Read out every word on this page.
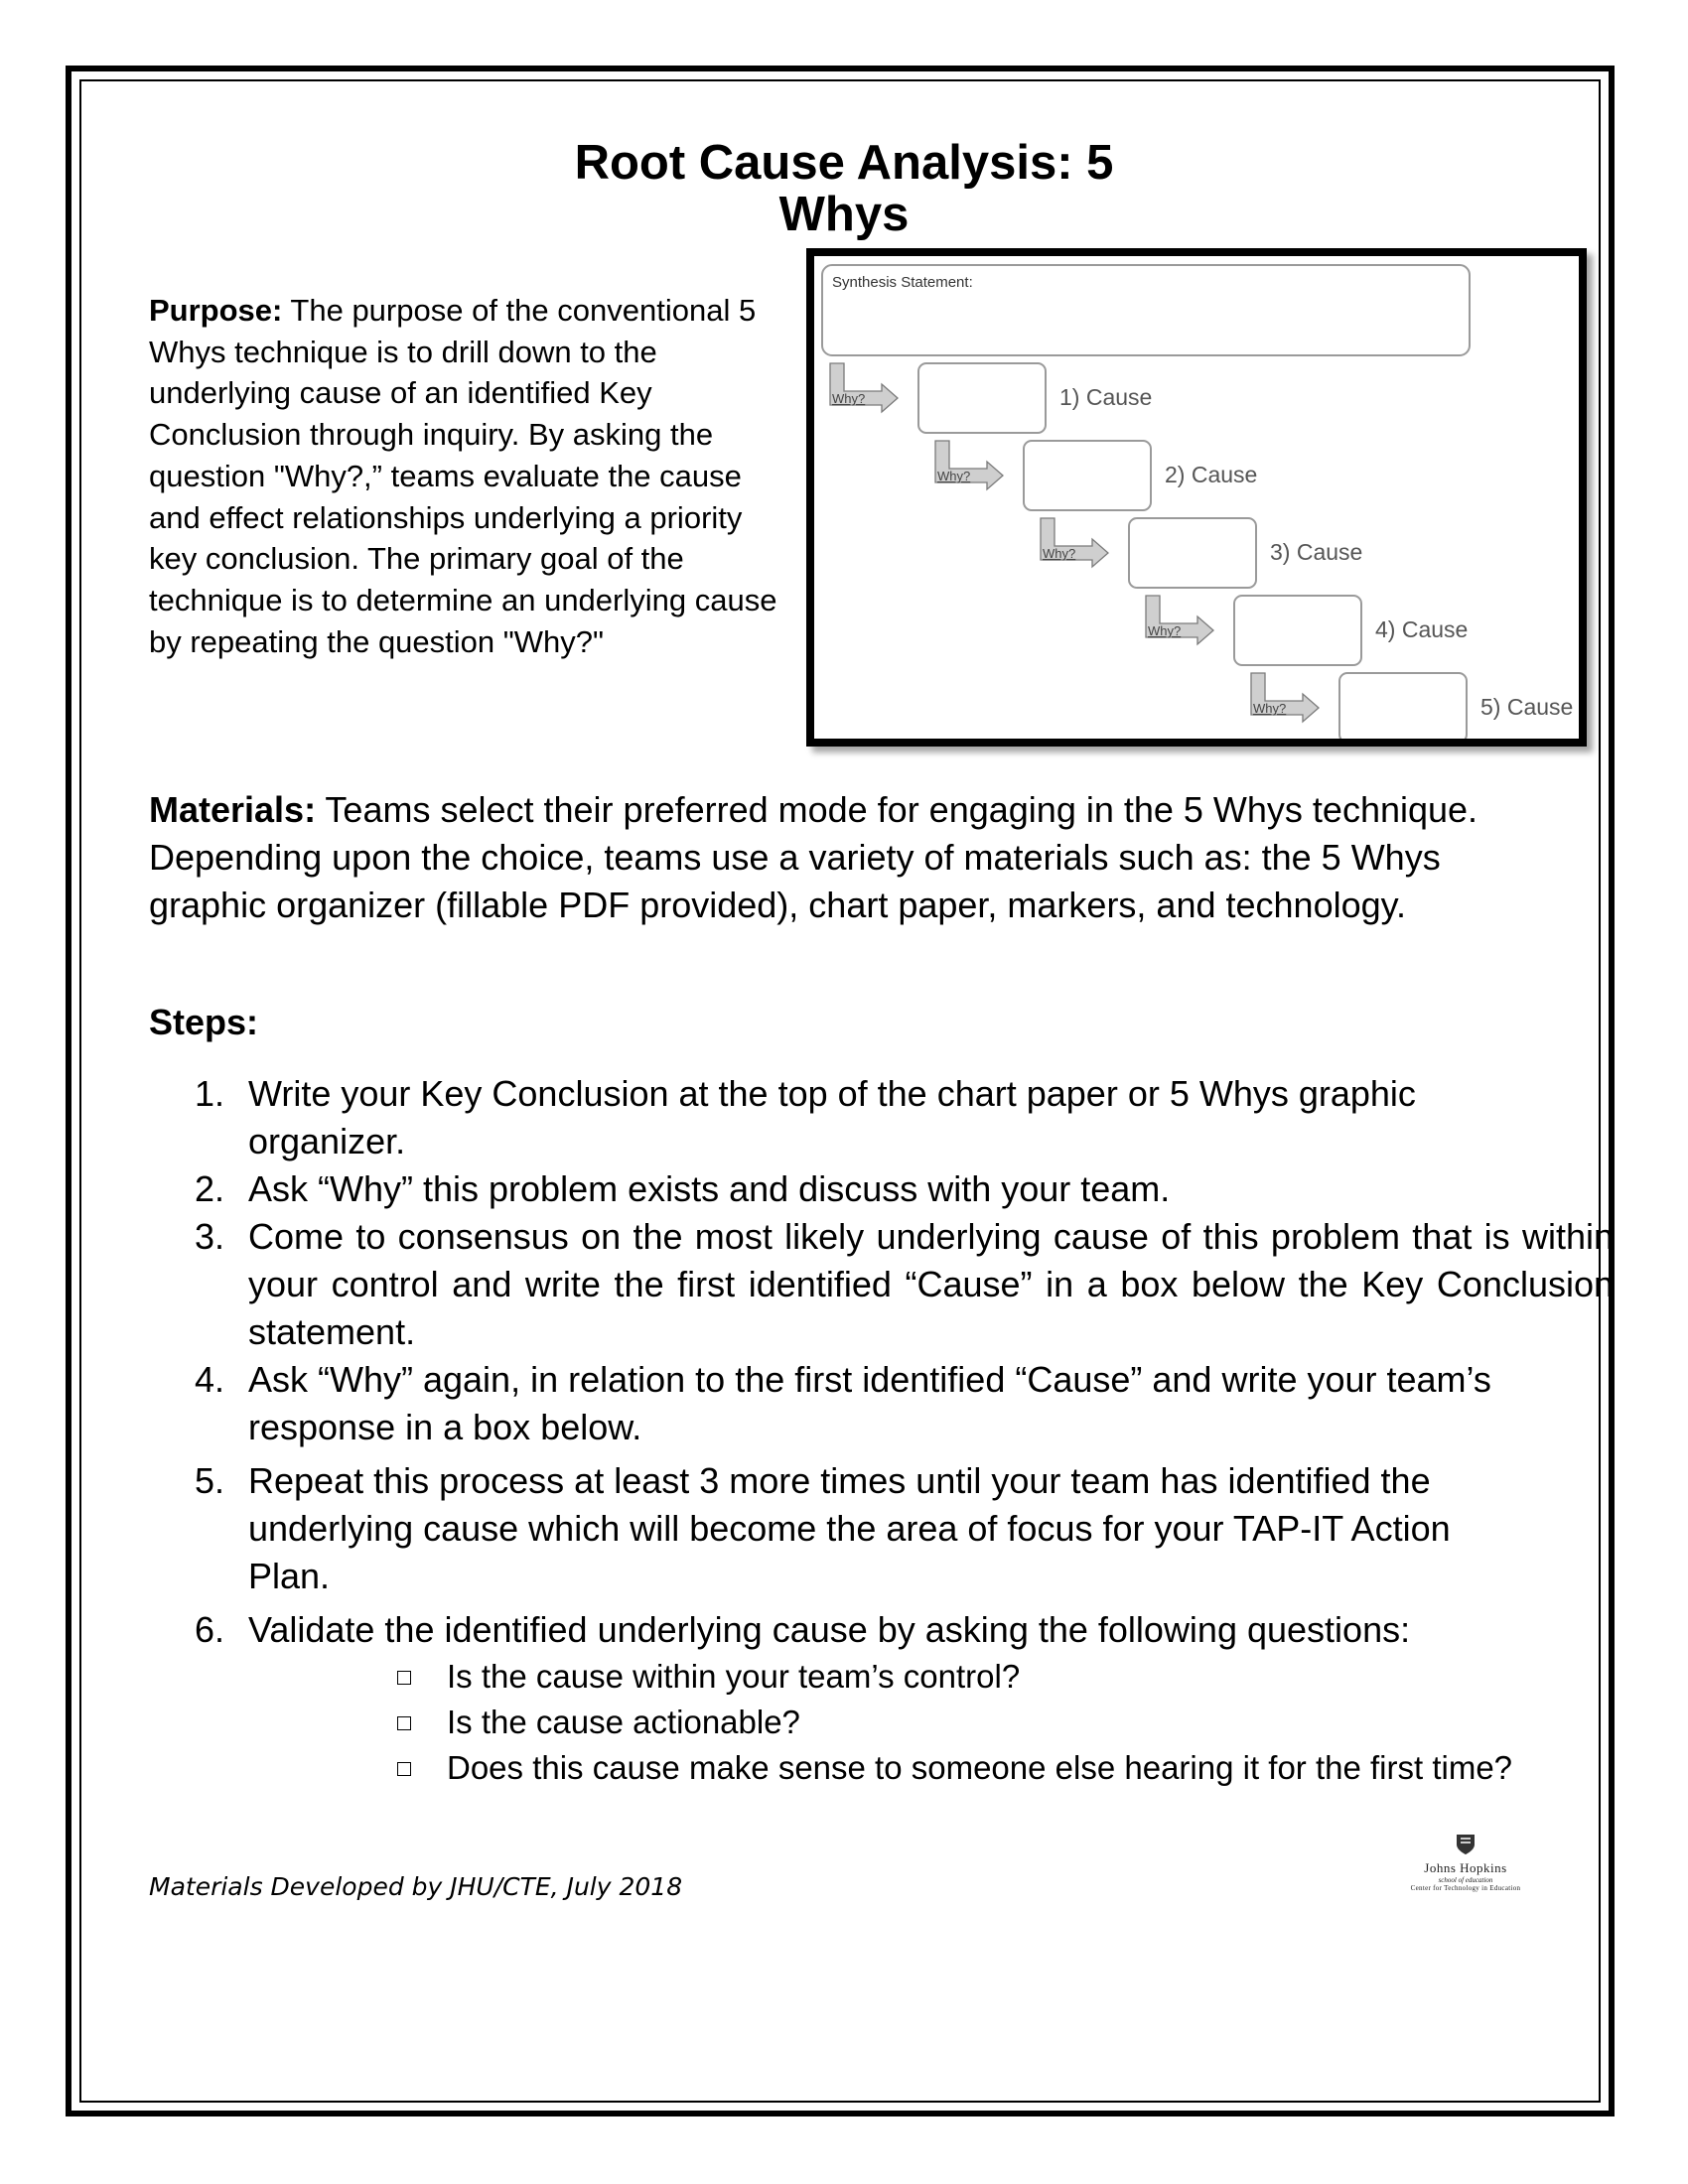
Root Cause Analysis: 5
Whys
Purpose: The purpose of the conventional 5 Whys technique is to drill down to the underlying cause of an identified Key Conclusion through inquiry. By asking the question "Why?,” teams evaluate the cause and effect relationships underlying a priority key conclusion. The primary goal of the technique is to determine an underlying cause by repeating the question "Why?"
Synthesis Statement:
Why?	1) Cause
Why?	2) Cause
Why?	3) Cause
Why?	4) Cause
Why?	5) Cause
Materials: Teams select their preferred mode for engaging in the 5 Whys technique. Depending upon the choice, teams use a variety of materials such as: the 5 Whys graphic organizer (fillable PDF provided), chart paper, markers, and technology.
Steps:
1. Write your Key Conclusion at the top of the chart paper or 5 Whys graphic organizer.
2. Ask “Why” this problem exists and discuss with your team.
3. Come to consensus on the most likely underlying cause of this problem that is within your control and write the first identified “Cause” in a box below the Key Conclusion statement.
4. Ask “Why” again, in relation to the first identified “Cause” and write your team’s response in a box below.
5. Repeat this process at least 3 more times until your team has identified the underlying cause which will become the area of focus for your TAP-IT Action Plan.
6. Validate the identified underlying cause by asking the following questions:
Is the cause within your team’s control?
Is the cause actionable?
Does this cause make sense to someone else hearing it for the first time?
Materials Developed by JHU/CTE, July 2018
Johns Hopkins
school of education
Center for Technology in Education
